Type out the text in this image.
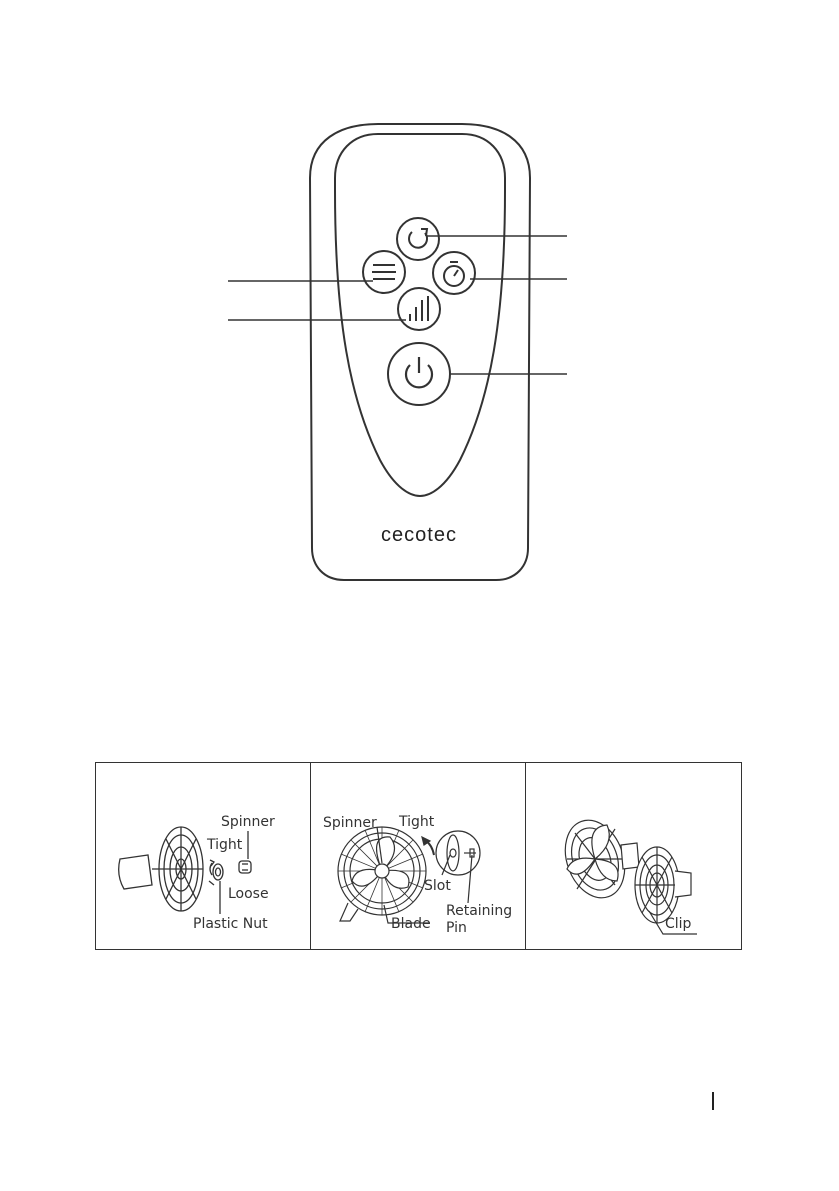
cecotec
Spinner
Tight
Loose
Plastic Nut
Spinner Tight
Slot
Blade
Retaining
Pin	Clip
